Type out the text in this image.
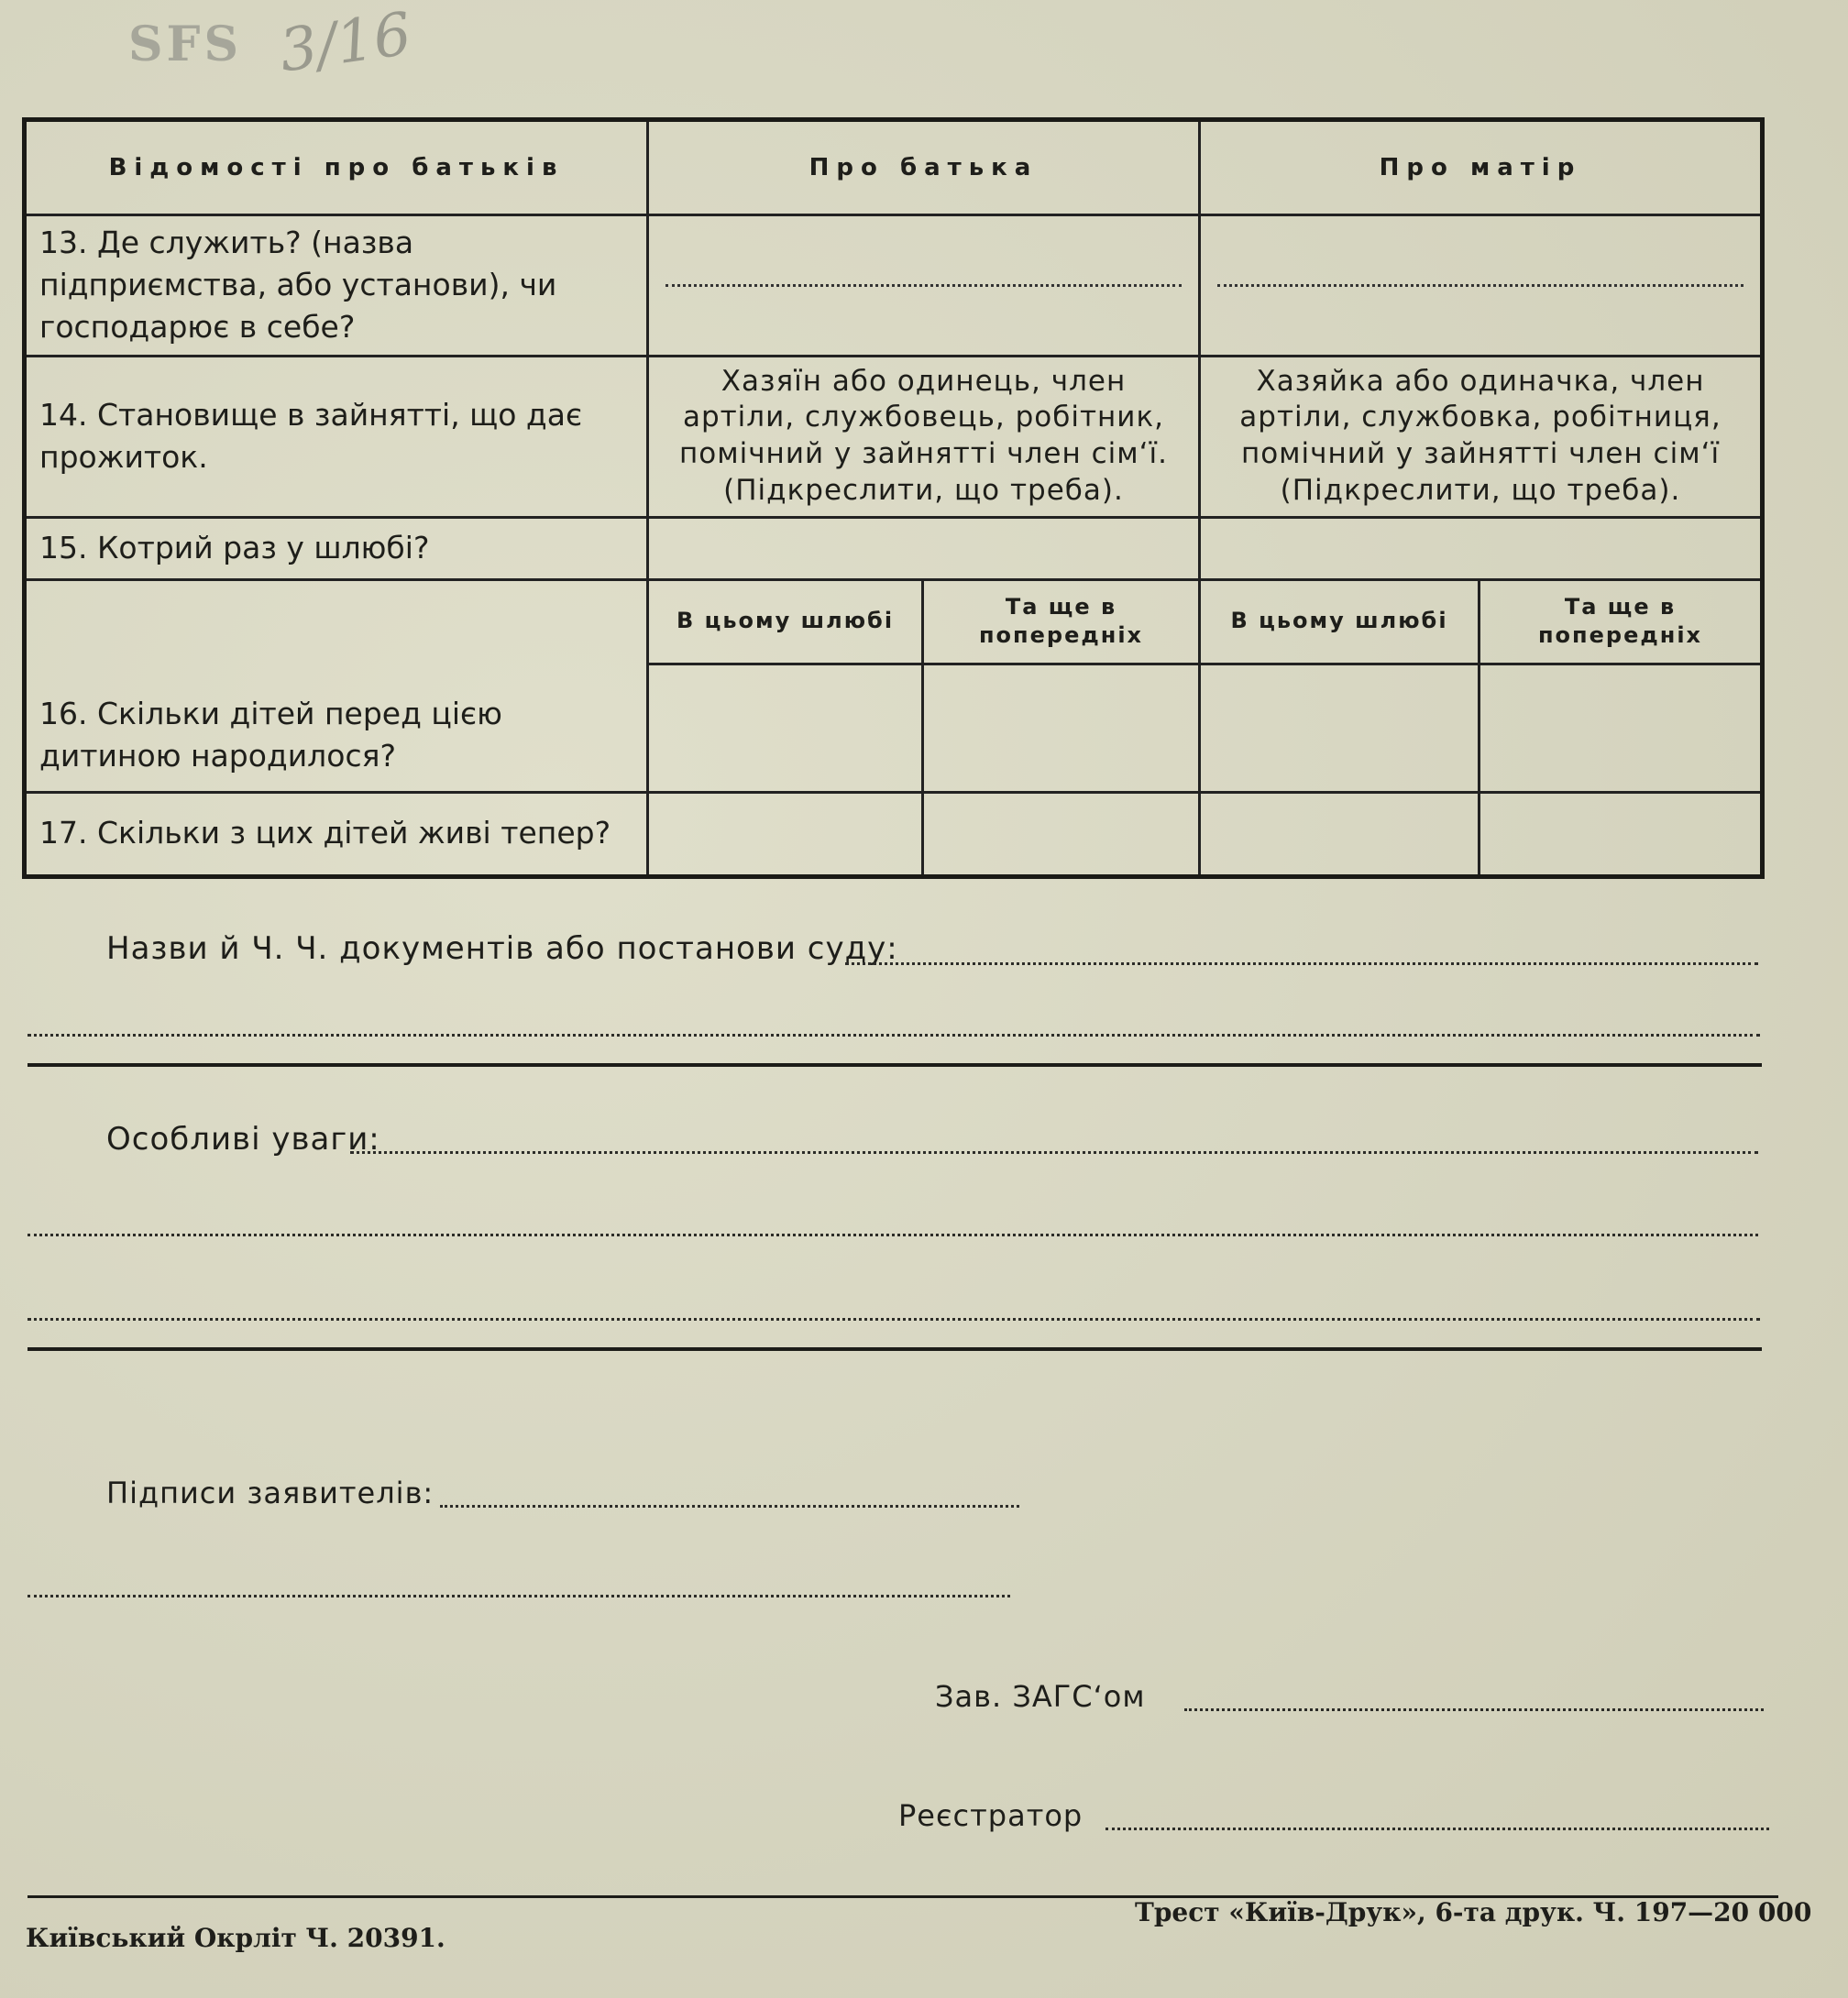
SFS 3/16
Відомості про батьків	Про батька		Про матір	
13. Де служить? (назва підприємства, або установи), чи господарює в себе?			

14. Становище в зайнятті, що дає прожиток.	Хазяїн або одинець, член артіли, службовець, робітник, помічний у зайнятті член сім‘ї. (Підкреслити, що треба).		Хазяйка або одиначка, член артіли, службовка, робітниця, помічний у зайнятті член сім‘ї (Підкреслити, що треба).	
15. Котрий раз у шлюбі?				
16. Скільки дітей перед цією дитиною народилося?	В цьому шлюбі	Та ще в попередніх	В цьому шлюбі	Та ще в попередніх

17. Скільки з цих дітей живі тепер?				
Назви й Ч. Ч. документів або постанови суду:
Особливі уваги:
Підписи заявителів:
Зав. ЗАГС‘ом
Реєстратор
Київський Окрліт Ч. 20391.
Трест «Київ-Друк», 6-та друк. Ч. 197—20 000
